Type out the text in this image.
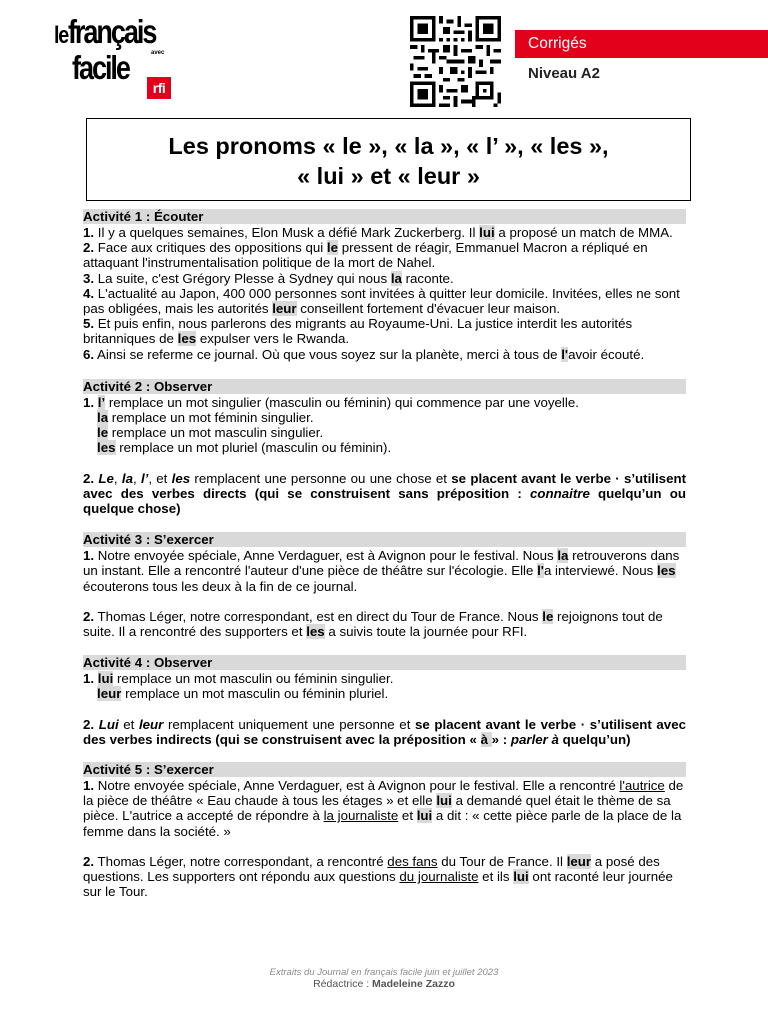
lefrançais
avec
facile
rfi
Corrigés
Niveau A2
Les pronoms « le », « la », « l’ », « les »,
« lui » et « leur »
Activité 1 : Écouter
1. Il y a quelques semaines, Elon Musk a défié Mark Zuckerberg. Il lui a proposé un match de MMA.
2. Face aux critiques des oppositions qui le pressent de réagir, Emmanuel Macron a répliqué en attaquant l'instrumentalisation politique de la mort de Nahel.
3. La suite, c'est Grégory Plesse à Sydney qui nous la raconte.
4. L'actualité au Japon, 400 000 personnes sont invitées à quitter leur domicile. Invitées, elles ne sont pas obligées, mais les autorités leur conseillent fortement d'évacuer leur maison.
5. Et puis enfin, nous parlerons des migrants au Royaume-Uni. La justice interdit les autorités britanniques de les expulser vers le Rwanda.
6. Ainsi se referme ce journal. Où que vous soyez sur la planète, merci à tous de l'avoir écouté.
Activité 2 : Observer
1. l’ remplace un mot singulier (masculin ou féminin) qui commence par une voyelle.
la remplace un mot féminin singulier.
le remplace un mot masculin singulier.
les remplace un mot pluriel (masculin ou féminin).
2. Le, la, l’, et les remplacent une personne ou une chose et se placent avant le verbe · s’utilisent avec des verbes directs (qui se construisent sans préposition : connaitre quelqu’un ou quelque chose)
Activité 3 : S’exercer
1. Notre envoyée spéciale, Anne Verdaguer, est à Avignon pour le festival. Nous la retrouverons dans un instant. Elle a rencontré l'auteur d'une pièce de théâtre sur l'écologie. Elle l'a interviewé. Nous les écouterons tous les deux à la fin de ce journal.
2. Thomas Léger, notre correspondant, est en direct du Tour de France. Nous le rejoignons tout de suite. Il a rencontré des supporters et les a suivis toute la journée pour RFI.
Activité 4 : Observer
1. lui remplace un mot masculin ou féminin singulier.
leur remplace un mot masculin ou féminin pluriel.
2. Lui et leur remplacent uniquement une personne et se placent avant le verbe · s’utilisent avec des verbes indirects (qui se construisent avec la préposition « à » : parler à quelqu’un)
Activité 5 : S’exercer
1. Notre envoyée spéciale, Anne Verdaguer, est à Avignon pour le festival. Elle a rencontré l'autrice de la pièce de théâtre « Eau chaude à tous les étages » et elle lui a demandé quel était le thème de sa pièce. L'autrice a accepté de répondre à la journaliste et lui a dit : « cette pièce parle de la place de la femme dans la société. »
2. Thomas Léger, notre correspondant, a rencontré des fans du Tour de France. Il leur a posé des questions. Les supporters ont répondu aux questions du journaliste et ils lui ont raconté leur journée sur le Tour.
Extraits du Journal en français facile juin et juillet 2023
Rédactrice : Madeleine Zazzo
